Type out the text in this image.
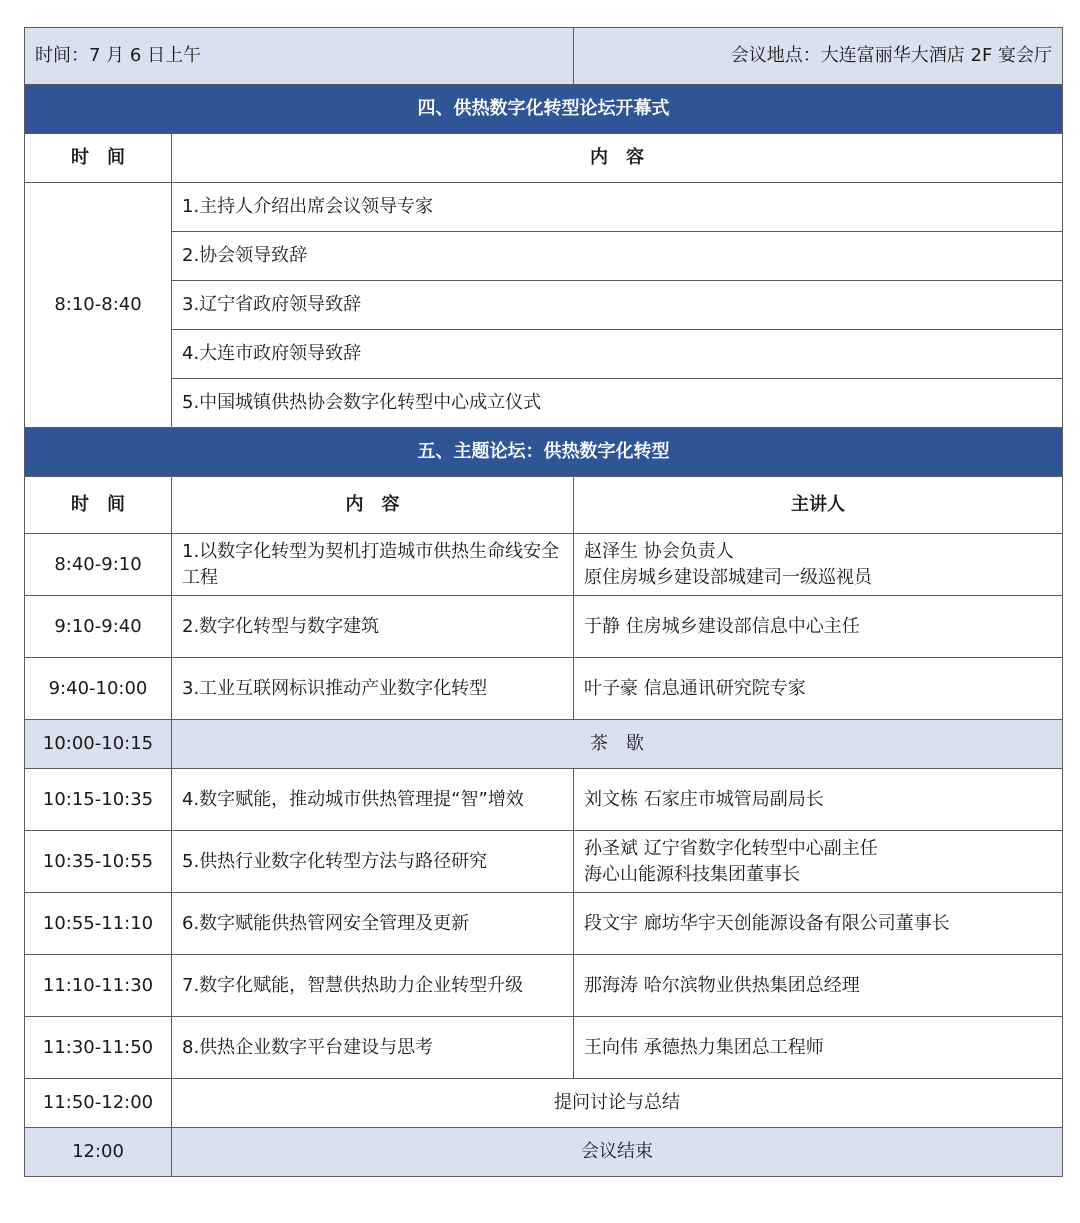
时间：7 月 6 日上午		会议地点：大连富丽华大酒店 2F 宴会厅
四、供热数字化转型论坛开幕式		
时　间	内　容	
8:10-8:40	1.主持人介绍出席会议领导专家	
	2.协会领导致辞	
	3.辽宁省政府领导致辞	
	4.大连市政府领导致辞	
	5.中国城镇供热协会数字化转型中心成立仪式	
五、主题论坛：供热数字化转型		
时　间	内　容	主讲人
8:40-9:10	1.以数字化转型为契机打造城市供热生命线安全工程	赵泽生 协会负责人
原住房城乡建设部城建司一级巡视员

9:10-9:40	2.数字化转型与数字建筑	于静 住房城乡建设部信息中心主任
9:40-10:00	3.工业互联网标识推动产业数字化转型	叶子豪 信息通讯研究院专家
10:00-10:15	茶　歇	
10:15-10:35	4.数字赋能，推动城市供热管理提“智”增效	刘文栋 石家庄市城管局副局长
10:35-10:55	5.供热行业数字化转型方法与路径研究	孙圣斌 辽宁省数字化转型中心副主任
海心山能源科技集团董事长

10:55-11:10	6.数字赋能供热管网安全管理及更新	段文宇 廊坊华宇天创能源设备有限公司董事长
11:10-11:30	7.数字化赋能，智慧供热助力企业转型升级	那海涛 哈尔滨物业供热集团总经理
11:30-11:50	8.供热企业数字平台建设与思考	王向伟 承德热力集团总工程师
11:50-12:00	提问讨论与总结	
12:00	会议结束	
